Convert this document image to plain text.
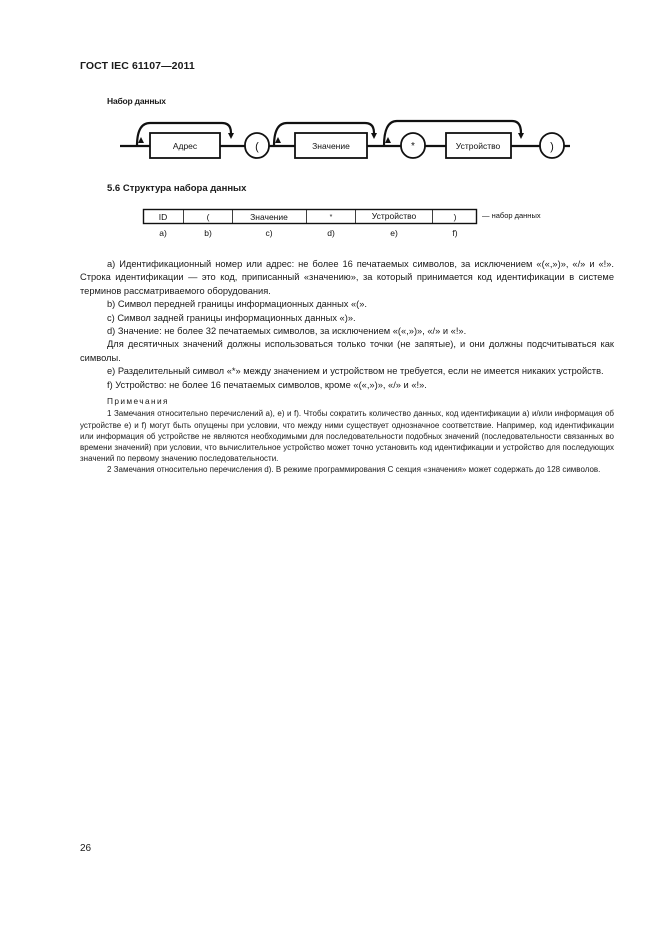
ГОСТ IEC 61107—2011
Набор данных
Адрес	(	Значение	*	Устройство	)
5.6 Структура набора данных
ID	(	Значение	*	Устройство	)
a)	b)	c)	d)	e)	f)
— набор данных

a) Идентификационный номер или адрес: не более 16 печатаемых символов, за исключением «(«,»)», «/» и «!». Строка идентификации — это код, приписанный «значению», за который принимается код идентификации в системе терминов рассматриваемого оборудования.

b) Символ передней границы информационных данных «(».

c) Символ задней границы информационных данных «)».

d) Значение: не более 32 печатаемых символов, за исключением «(«,»)», «/» и «!».

Для десятичных значений должны использоваться только точки (не запятые), и они должны подсчитываться как символы.

e) Разделительный символ «*» между значением и устройством не требуется, если не имеется никаких устройств.

f) Устройство: не более 16 печатаемых символов, кроме «(«,»)», «/» и «!».

Примечания

1 Замечания относительно перечислений a), e) и f). Чтобы сократить количество данных, код идентификации a) и/или информация об устройстве e) и f) могут быть опущены при условии, что между ними существует однозначное соответствие. Например, код идентификации или информация об устройстве не являются необходимыми для последовательности подобных значений (последовательности связанных во времени значений) при условии, что вычислительное устройство может точно установить код идентификации и устройство для последующих значений по первому значению последовательности.

2 Замечания относительно перечисления d). В режиме программирования C секция «значения» может содержать до 128 символов.

26
